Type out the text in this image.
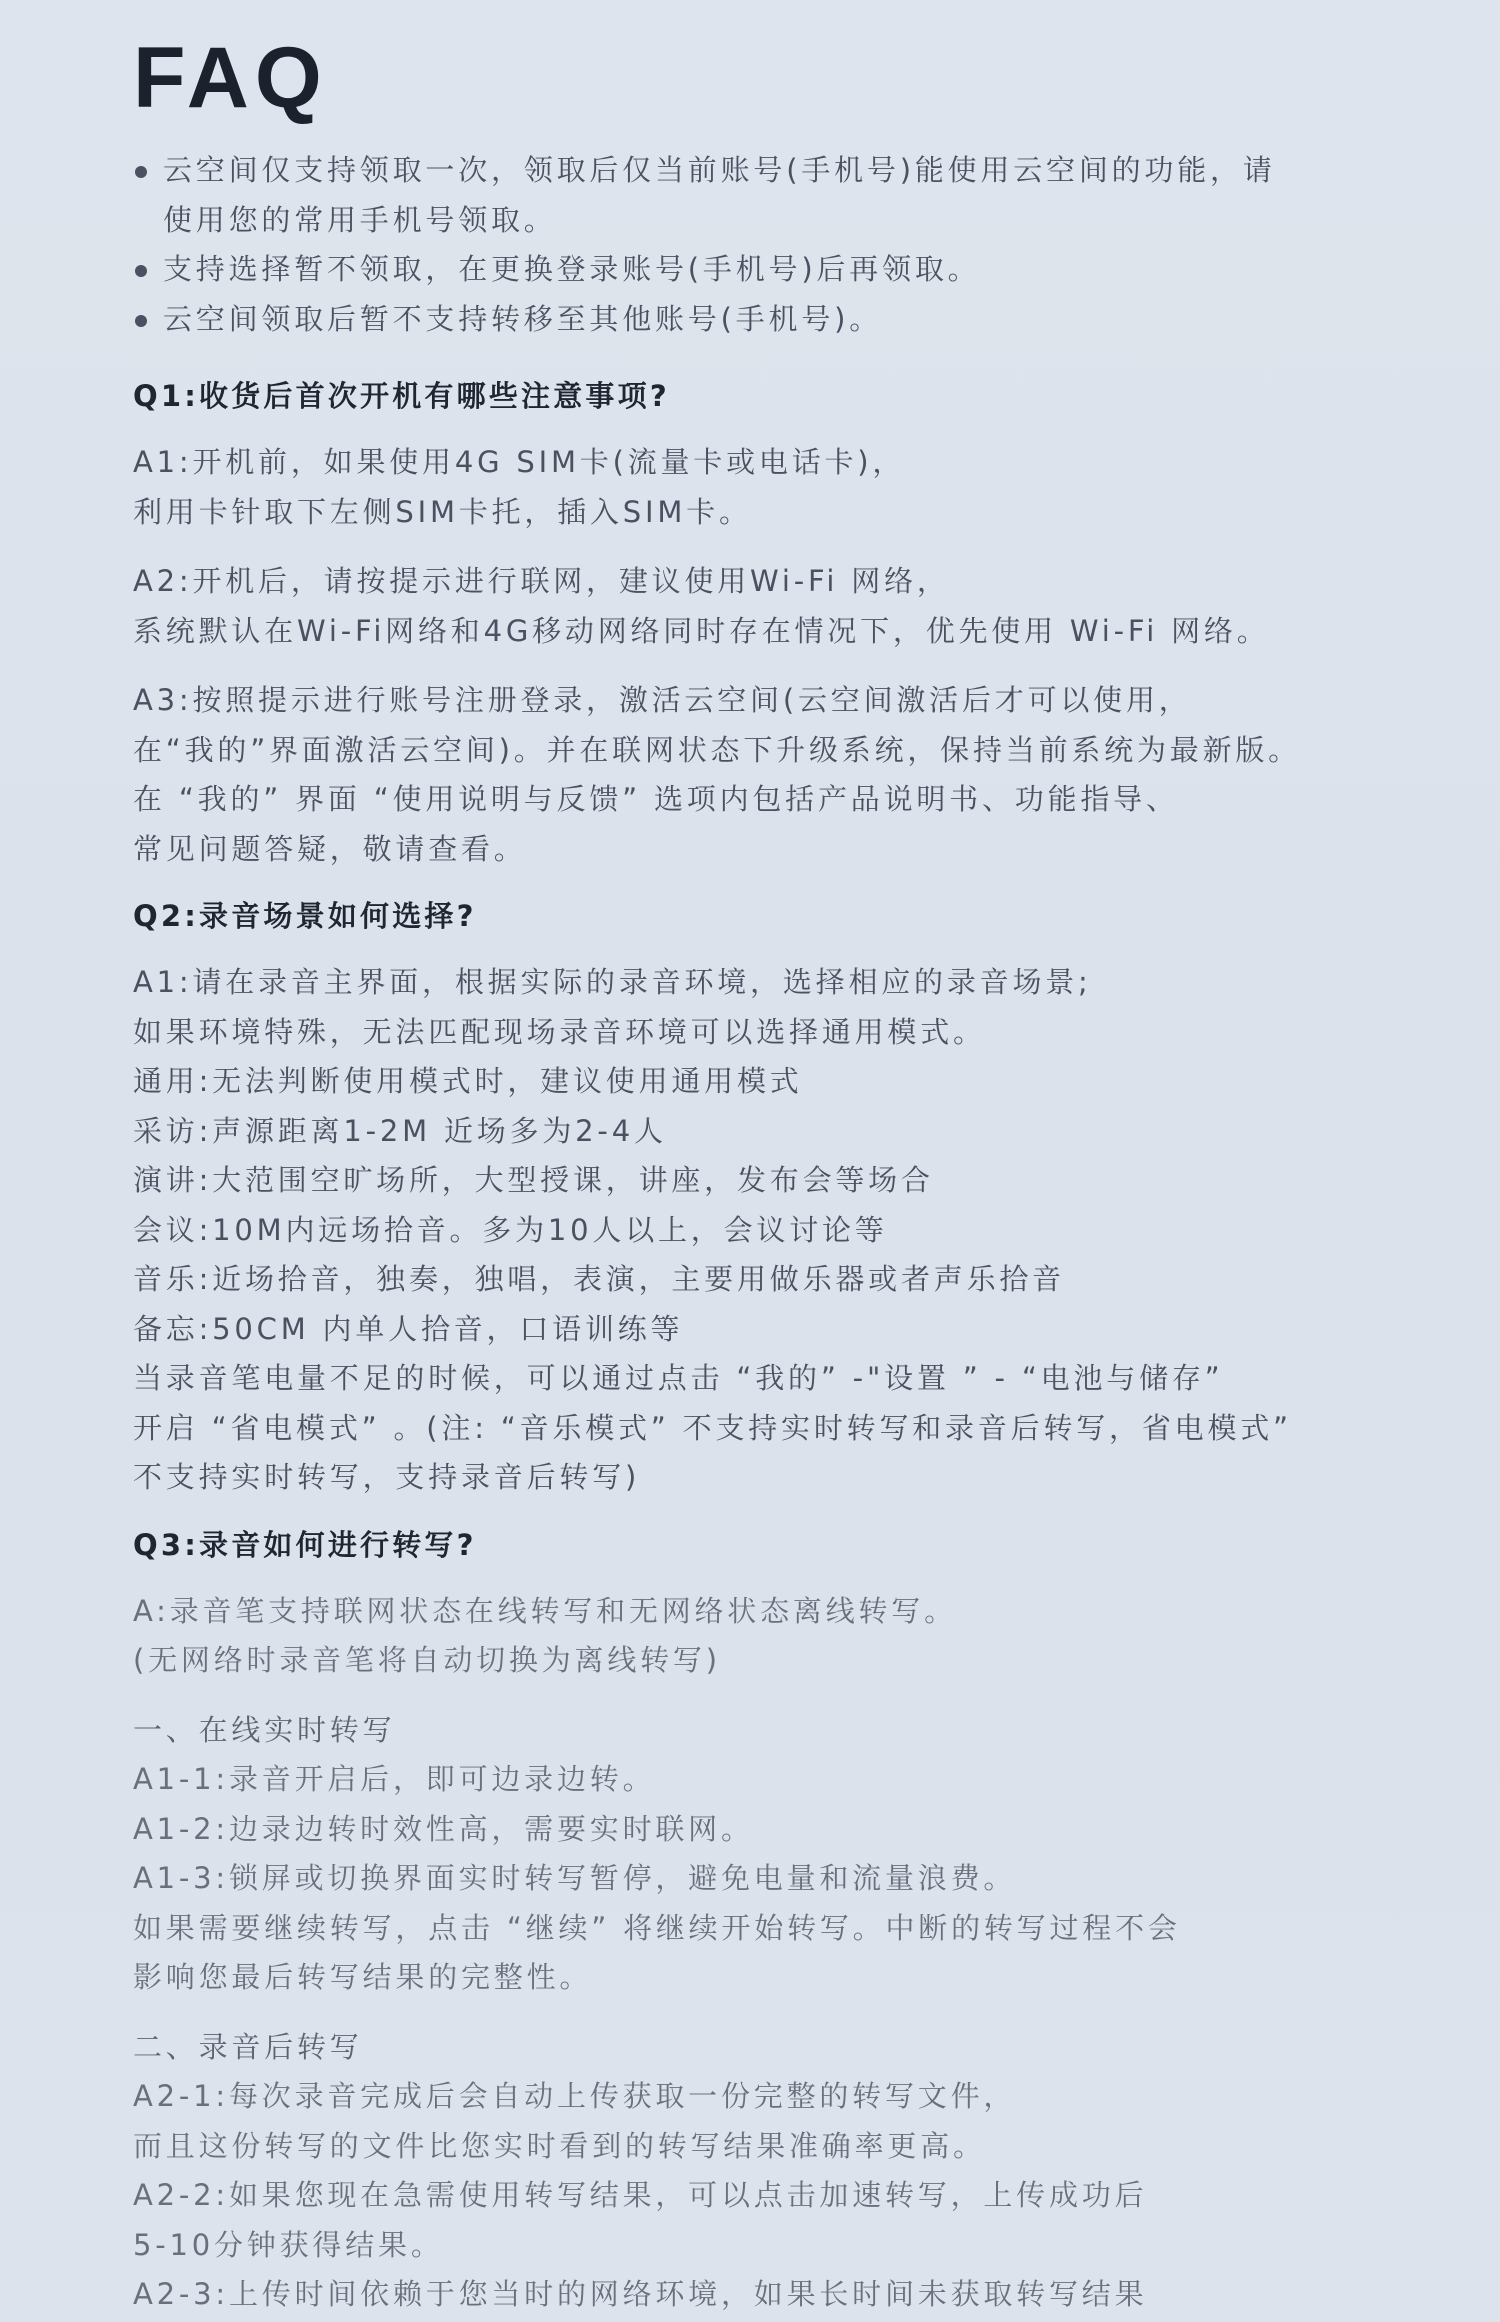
FAQ
云空间仅支持领取一次，领取后仅当前账号(手机号)能使用云空间的功能，请
使用您的常用手机号领取。
支持选择暂不领取，在更换登录账号(手机号)后再领取。
云空间领取后暂不支持转移至其他账号(手机号)。
Q1:收货后首次开机有哪些注意事项?
A1:开机前，如果使用4G SIM卡(流量卡或电话卡)，
利用卡针取下左侧SIM卡托，插入SIM卡。
A2:开机后，请按提示进行联网，建议使用Wi-Fi 网络，
系统默认在Wi-Fi网络和4G移动网络同时存在情况下，优先使用 Wi-Fi 网络。
A3:按照提示进行账号注册登录，激活云空间(云空间激活后才可以使用，
在“我的”界面激活云空间)。并在联网状态下升级系统，保持当前系统为最新版。
在 “我的” 界面 “使用说明与反馈” 选项内包括产品说明书、功能指导、
常见问题答疑，敬请查看。
Q2:录音场景如何选择?
A1:请在录音主界面，根据实际的录音环境，选择相应的录音场景;
如果环境特殊，无法匹配现场录音环境可以选择通用模式。
通用:无法判断使用模式时，建议使用通用模式
采访:声源距离1-2M 近场多为2-4人
演讲:大范围空旷场所，大型授课，讲座，发布会等场合
会议:10M内远场拾音。多为10人以上，会议讨论等
音乐:近场拾音，独奏，独唱，表演，主要用做乐器或者声乐拾音
备忘:50CM 内单人拾音，口语训练等
当录音笔电量不足的时候，可以通过点击 “我的” -"设置 ” - “电池与储存”
开启 “省电模式” 。(注: “音乐模式” 不支持实时转写和录音后转写，省电模式”
不支持实时转写，支持录音后转写)
Q3:录音如何进行转写?
A:录音笔支持联网状态在线转写和无网络状态离线转写。
(无网络时录音笔将自动切换为离线转写)
一、在线实时转写
A1-1:录音开启后，即可边录边转。
A1-2:边录边转时效性高，需要实时联网。
A1-3:锁屏或切换界面实时转写暂停，避免电量和流量浪费。
如果需要继续转写，点击 “继续” 将继续开始转写。中断的转写过程不会
影响您最后转写结果的完整性。
二、录音后转写
A2-1:每次录音完成后会自动上传获取一份完整的转写文件，
而且这份转写的文件比您实时看到的转写结果准确率更高。
A2-2:如果您现在急需使用转写结果，可以点击加速转写，上传成功后
5-10分钟获得结果。
A2-3:上传时间依赖于您当时的网络环境，如果长时间未获取转写结果
